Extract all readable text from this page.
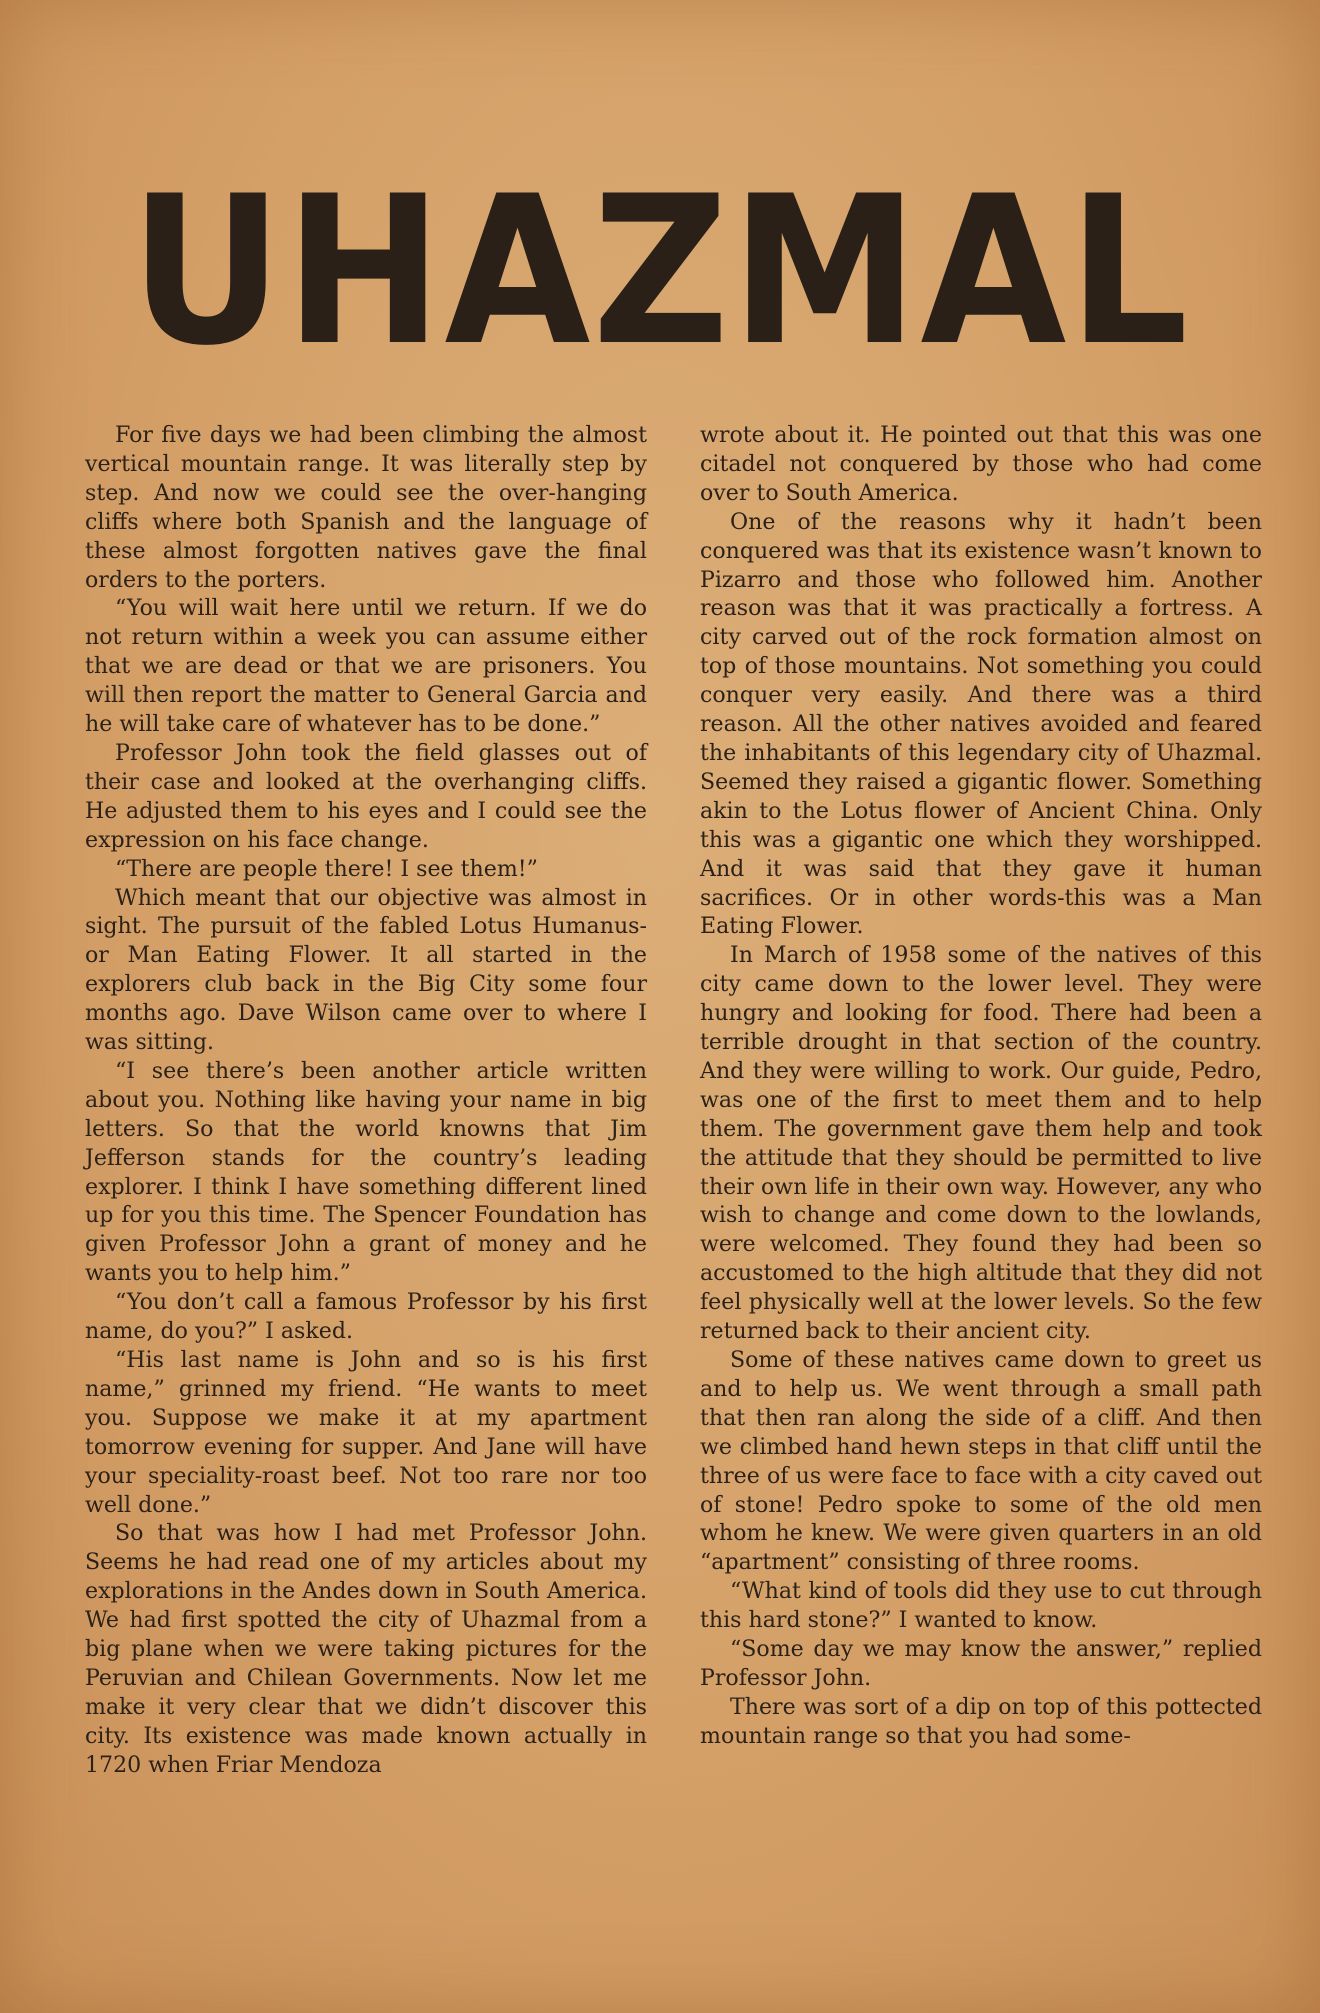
UHAZMAL

For five days we had been climbing the almost vertical mountain range. It was literally step by step. And now we could see the over-hanging cliffs where both Spanish and the language of these almost forgotten natives gave the final orders to the porters.

“You will wait here until we return. If we do not return within a week you can assume either that we are dead or that we are prisoners. You will then report the matter to General Garcia and he will take care of whatever has to be done.”

Professor John took the field glasses out of their case and looked at the overhanging cliffs. He adjusted them to his eyes and I could see the expression on his face change.

“There are people there! I see them!”

Which meant that our objective was almost in sight. The pursuit of the fabled Lotus Humanus-or Man Eating Flower. It all started in the explorers club back in the Big City some four months ago. Dave Wilson came over to where I was sitting.

“I see there’s been another article written about you. Nothing like having your name in big letters. So that the world knowns that Jim Jefferson stands for the country’s leading explorer. I think I have something different lined up for you this time. The Spencer Foundation has given Professor John a grant of money and he wants you to help him.”

“You don’t call a famous Professor by his first name, do you?” I asked.

“His last name is John and so is his first name,” grinned my friend. “He wants to meet you. Suppose we make it at my apartment tomorrow evening for supper. And Jane will have your speciality-roast beef. Not too rare nor too well done.”

So that was how I had met Professor John. Seems he had read one of my articles about my explorations in the Andes down in South America. We had first spotted the city of Uhazmal from a big plane when we were taking pictures for the Peruvian and Chilean Governments. Now let me make it very clear that we didn’t discover this city. Its existence was made known actually in 1720 when Friar Mendoza

wrote about it. He pointed out that this was one citadel not conquered by those who had come over to South America.

One of the reasons why it hadn’t been conquered was that its existence wasn’t known to Pizarro and those who followed him. Another reason was that it was practically a fortress. A city carved out of the rock formation almost on top of those mountains. Not something you could conquer very easily. And there was a third reason. All the other natives avoided and feared the inhabitants of this legendary city of Uhazmal. Seemed they raised a gigantic flower. Something akin to the Lotus flower of Ancient China. Only this was a gigantic one which they worshipped. And it was said that they gave it human sacrifices. Or in other words-this was a Man Eating Flower.

In March of 1958 some of the natives of this city came down to the lower level. They were hungry and looking for food. There had been a terrible drought in that section of the country. And they were willing to work. Our guide, Pedro, was one of the first to meet them and to help them. The government gave them help and took the attitude that they should be permitted to live their own life in their own way. However, any who wish to change and come down to the lowlands, were welcomed. They found they had been so accustomed to the high altitude that they did not feel physically well at the lower levels. So the few returned back to their ancient city.

Some of these natives came down to greet us and to help us. We went through a small path that then ran along the side of a cliff. And then we climbed hand hewn steps in that cliff until the three of us were face to face with a city caved out of stone! Pedro spoke to some of the old men whom he knew. We were given quarters in an old “apartment” consisting of three rooms.

“What kind of tools did they use to cut through this hard stone?” I wanted to know.

“Some day we may know the answer,” replied Professor John.

There was sort of a dip on top of this pottected mountain range so that you had some-
